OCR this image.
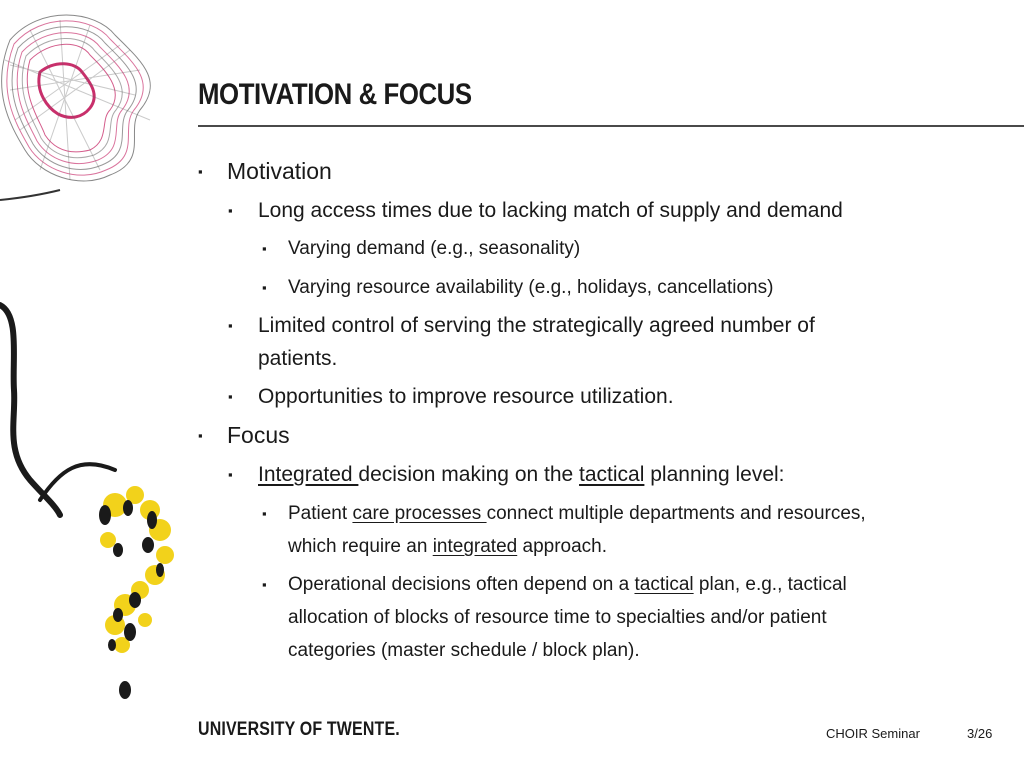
MOTIVATION & FOCUS
▪ Motivation
▪ Long access times due to lacking match of supply and demand
▪ Varying demand (e.g., seasonality)
▪ Varying resource availability (e.g., holidays, cancellations)
▪	Limited control of serving the strategically agreed number of
patients.
▪ Opportunities to improve resource utilization.
▪ Focus
▪ Integrated decision making on the tactical planning level:
▪	Patient care processes connect multiple departments and resources,
which require an integrated approach.
▪	Operational decisions often depend on a tactical plan, e.g., tactical
allocation of blocks of resource time to specialties and/or patient
categories (master schedule / block plan).
UNIVERSITY OF TWENTE.	CHOIR Seminar	3/26
